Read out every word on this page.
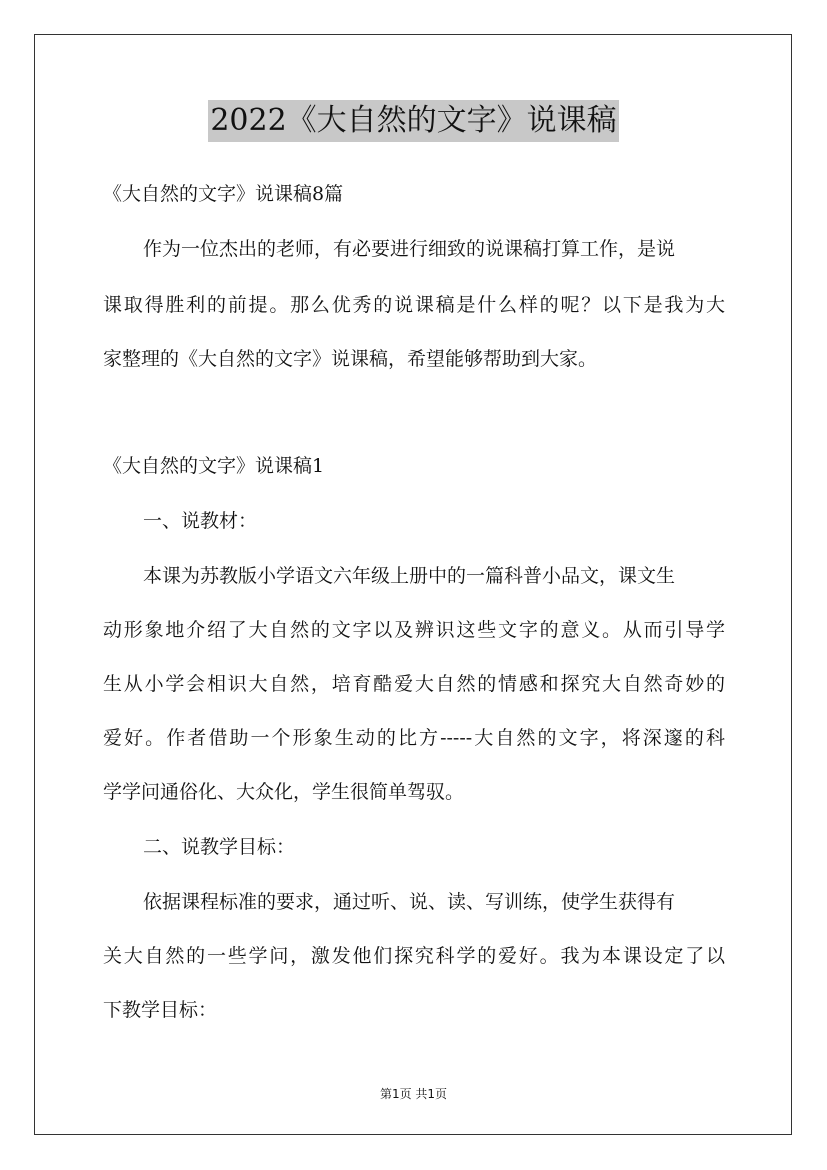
2022《大自然的文字》说课稿
《大自然的文字》说课稿8篇
作为一位杰出的老师，有必要进行细致的说课稿打算工作，是说
课取得胜利的前提。那么优秀的说课稿是什么样的呢？以下是我为大
家整理的《大自然的文字》说课稿，希望能够帮助到大家。
《大自然的文字》说课稿1
一、说教材：
本课为苏教版小学语文六年级上册中的一篇科普小品文，课文生
动形象地介绍了大自然的文字以及辨识这些文字的意义。从而引导学
生从小学会相识大自然，培育酷爱大自然的情感和探究大自然奇妙的
爱好。作者借助一个形象生动的比方-----大自然的文字，将深邃的科
学学问通俗化、大众化，学生很简单驾驭。
二、说教学目标：
依据课程标准的要求，通过听、说、读、写训练，使学生获得有
关大自然的一些学问，激发他们探究科学的爱好。我为本课设定了以
下教学目标：
第1页 共1页
